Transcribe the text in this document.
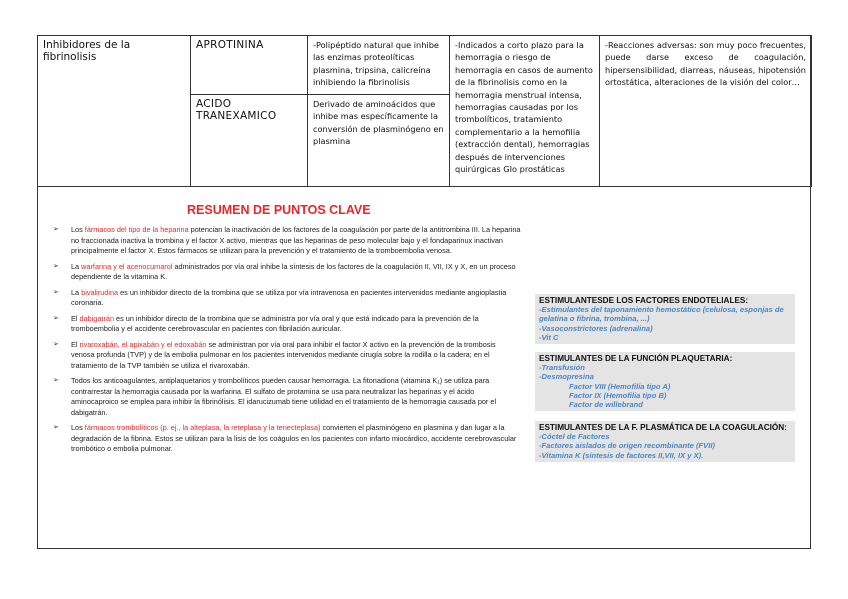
Inhibidores de la fibrinolisis	APROTININA	-Polipéptido natural que inhibe las enzimas proteolíticas plasmina, tripsina, calicreína inhibiendo la fibrinolisis	-Indicados a corto plazo para la hemorragia o riesgo de hemorragia en casos de aumento de la fibrinolisis como en la hemorragia menstrual intensa, hemorragias causadas por los trombolíticos, tratamiento complementario a la hemofilia (extracción dental), hemorragias después de intervenciones quirúrgicas GIo prostáticas	-Reacciones adversas: son muy poco frecuentes, puede darse exceso de coagulación, hipersensibilidad, diarreas, náuseas, hipotensión ortostática, alteraciones de la visión del color…
	ACIDO TRANEXAMICO	Derivado de aminoácidos que inhibe mas específicamente la conversión de plasminógeno en plasmina		
RESUMEN DE PUNTOS CLAVE
➢ Los fármacos del tipo de la heparina potencian la inactivación de los factores de la coagulación por parte de la antitrombina III. La heparina no fraccionada inactiva la trombina y el factor X activo, mientras que las heparinas de peso molecular bajo y el fondaparinux inactivan principalmente el factor X. Estos fármacos se utilizan para la prevención y el tratamiento de la tromboembolia venosa.
➢ La warfarina y el acenocumarol administrados por vía oral inhibe la síntesis de los factores de la coagulación II, VII, IX y X, en un proceso dependiente de la vitamina K.
➢ La bivalirudina es un inhibidor directo de la trombina que se utiliza por vía intravenosa en pacientes intervenidos mediante angioplastia coronaria.
➢ El dabigatrán es un inhibidor directo de la trombina que se administra por vía oral y que está indicado para la prevención de la tromboembolia y el accidente cerebrovascular en pacientes con fibrilación auricular.
➢ El rivaroxabán, el apixabán y el edoxabán se administran por vía oral para inhibir el factor X activo en la prevención de la trombosis venosa profunda (TVP) y de la embolia pulmonar en los pacientes intervenidos mediante cirugía sobre la rodilla o la cadera; en el tratamiento de la TVP también se utiliza el rivaroxabán.
➢ Todos los anticoagulantes, antiplaquetarios y trombolíticos pueden causar hemorragia. La fitonadiona (vitamina K₁) se utiliza para contrarrestar la hemorragia causada por la warfarina. El sulfato de protamina se usa para neutralizar las heparinas y el ácido aminocaproico se emplea para inhibir la fibrinólisis. El idarucizumab tiene utilidad en el tratamiento de la hemorragia causada por el dabigatrán.
➢ Los fármacos trombolíticos (p. ej., la alteplasa, la reteplasa y la tenecteplasa) convierten el plasminógeno en plasmina y dan lugar a la degradación de la fibrina. Estos se utilizan para la lisis de los coágulos en los pacientes con infarto miocárdico, accidente cerebrovascular trombótico o embolia pulmonar.
ESTIMULANTESDE LOS FACTORES ENDOTELIALES:
-Estimulantes del taponamiento hemostático (celulosa, esponjas de gelatina o fibrina, trombina, ...)
-Vasoconstrictores (adrenalina)
-Vit C
ESTIMULANTES DE LA FUNCIÓN PLAQUETARIA:
-Transfusión
-Desmopresina
Factor VIII (Hemofilia tipo A)
Factor IX (Hemofilia tipo B)
Factor de willebrand
ESTIMULANTES DE LA F. PLASMÁTICA DE LA COAGULACIÓN:
-Cóctel de Factores
-Factores aislados de origen recombinante (FVII)
-Vitamina K (síntesis de factores II,VII, IX y X).
